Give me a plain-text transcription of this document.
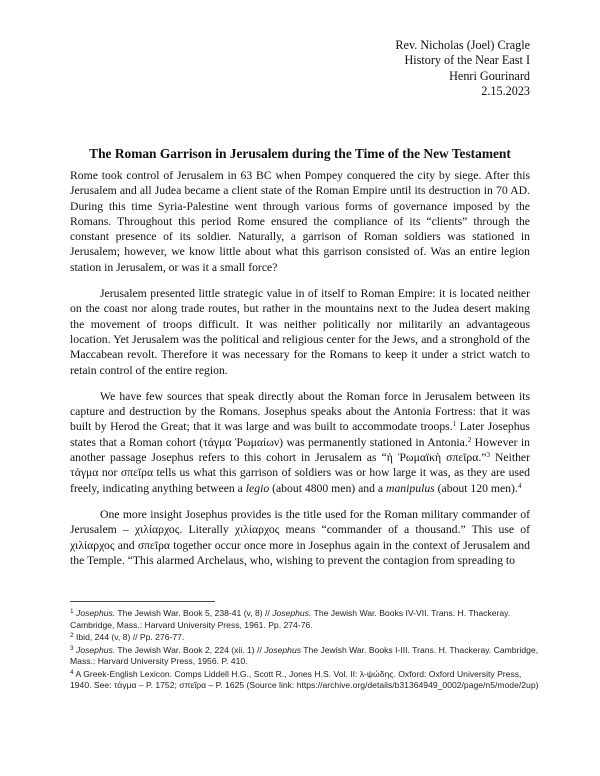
Rev. Nicholas (Joel) Cragle
History of the Near East I
Henri Gourinard
2.15.2023
The Roman Garrison in Jerusalem during the Time of the New Testament

Rome took control of Jerusalem in 63 BC when Pompey conquered the city by siege. After this Jerusalem and all Judea became a client state of the Roman Empire until its destruction in 70 AD. During this time Syria-Palestine went through various forms of governance imposed by the Romans. Throughout this period Rome ensured the compliance of its “clients” through the constant presence of its soldier. Naturally, a garrison of Roman soldiers was stationed in Jerusalem; however, we know little about what this garrison consisted of. Was an entire legion station in Jerusalem, or was it a small force?

Jerusalem presented little strategic value in of itself to Roman Empire: it is located neither on the coast nor along trade routes, but rather in the mountains next to the Judea desert making the movement of troops difficult. It was neither politically nor militarily an advantageous location. Yet Jerusalem was the political and religious center for the Jews, and a stronghold of the Maccabean revolt. Therefore it was necessary for the Romans to keep it under a strict watch to retain control of the entire region.

We have few sources that speak directly about the Roman force in Jerusalem between its capture and destruction by the Romans. Josephus speaks about the Antonia Fortress: that it was built by Herod the Great; that it was large and was built to accommodate troops.$^1$ Later Josephus states that a Roman cohort (τάγμα Ῥωμαίων) was permanently stationed in Antonia.$^2$ However in another passage Josephus refers to this cohort in Jerusalem as “ἡ Ῥωμαϊκὴ σπεῖρα.”$^3$ Neither τάγμα nor σπεῖρα tells us what this garrison of soldiers was or how large it was, as they are used freely, indicating anything between a legio (about 4800 men) and a manipulus (about 120 men).$^4$

One more insight Josephus provides is the title used for the Roman military commander of Jerusalem – χιλίαρχος. Literally χιλίαρχος means “commander of a thousand.” This use of χιλίαρχος and σπεῖρα together occur once more in Josephus again in the context of Jerusalem and the Temple. “This alarmed Archelaus, who, wishing to prevent the contagion from spreading to

$^1$ Josephus. The Jewish War. Book 5, 238-41 (v, 8) // Josephus. The Jewish War. Books IV-VII. Trans. H. Thackeray. Cambridge, Mass.: Harvard University Press, 1961. Pp. 274-76.
$^2$ Ibid, 244 (v, 8) // Pp. 276-77.
$^3$ Josephus. The Jewish War. Book 2, 224 (xii. 1) // Josephus The Jewish War. Books I-III. Trans. H. Thackeray. Cambridge, Mass.: Harvard University Press, 1956. P. 410.
$^4$ A Greek-English Lexicon. Comps Liddell H.G., Scott R., Jones H.S. Vol. II: λ-ψώδης. Oxford: Oxford University Press, 1940. See: τάγμα – P. 1752; σπεῖρα – P. 1625 (Source link: https://archive.org/details/b31364949_0002/page/n5/mode/2up)
